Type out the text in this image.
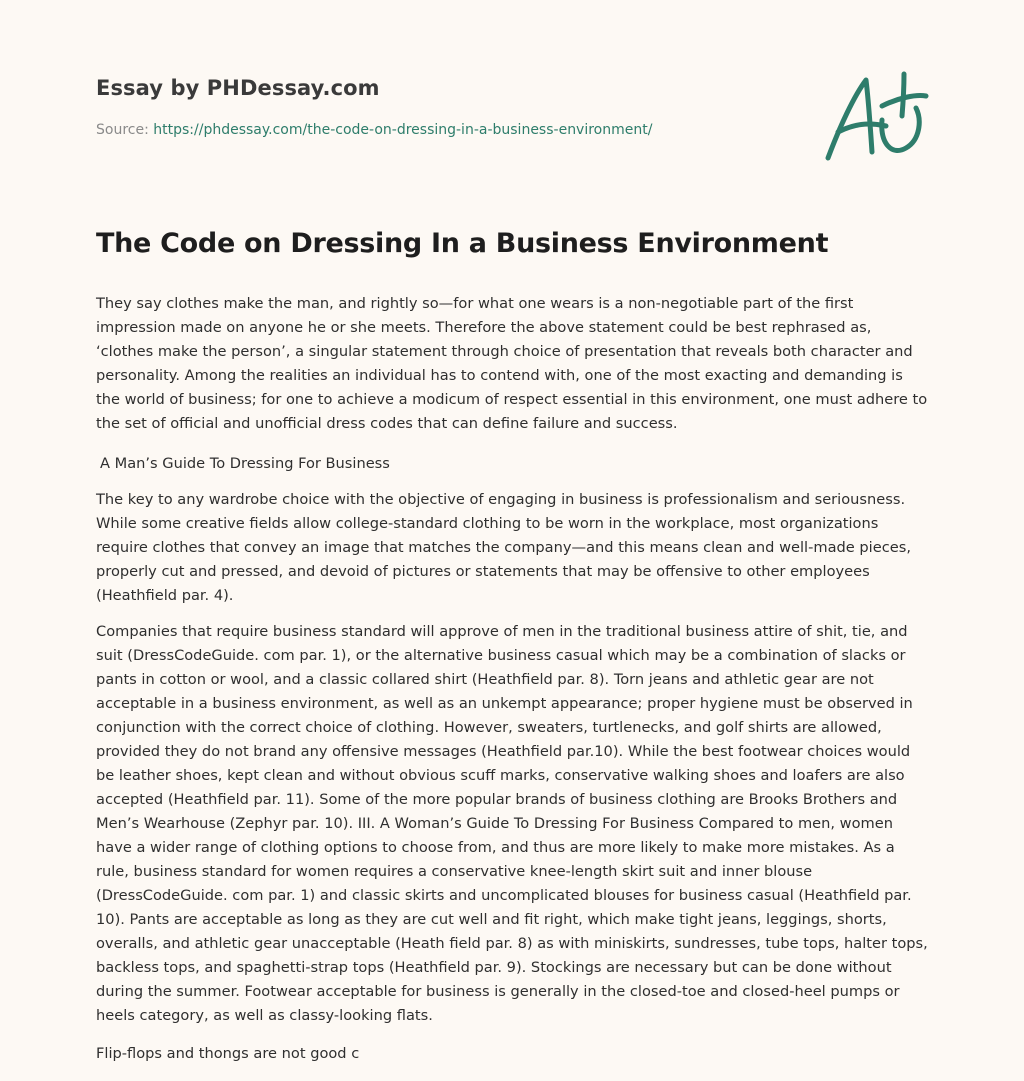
Essay by PHDessay.com
Source: https://phdessay.com/the-code-on-dressing-in-a-business-environment/
The Code on Dressing In a Business Environment

They say clothes make the man, and rightly so—for what one wears is a non-negotiable part of the first impression made on anyone he or she meets. Therefore the above statement could be best rephrased as, ‘clothes make the person’, a singular statement through choice of presentation that reveals both character and personality. Among the realities an individual has to contend with, one of the most exacting and demanding is the world of business; for one to achieve a modicum of respect essential in this environment, one must adhere to the set of official and unofficial dress codes that can define failure and success.

A Man’s Guide To Dressing For Business

The key to any wardrobe choice with the objective of engaging in business is professionalism and seriousness. While some creative fields allow college-standard clothing to be worn in the workplace, most organizations require clothes that convey an image that matches the company—and this means clean and well-made pieces, properly cut and pressed, and devoid of pictures or statements that may be offensive to other employees (Heathfield par. 4).

Companies that require business standard will approve of men in the traditional business attire of shit, tie, and suit (DressCodeGuide. com par. 1), or the alternative business casual which may be a combination of slacks or pants in cotton or wool, and a classic collared shirt (Heathfield par. 8). Torn jeans and athletic gear are not acceptable in a business environment, as well as an unkempt appearance; proper hygiene must be observed in conjunction with the correct choice of clothing. However, sweaters, turtlenecks, and golf shirts are allowed, provided they do not brand any offensive messages (Heathfield par.10). While the best footwear choices would be leather shoes, kept clean and without obvious scuff marks, conservative walking shoes and loafers are also accepted (Heathfield par. 11). Some of the more popular brands of business clothing are Brooks Brothers and Men’s Wearhouse (Zephyr par. 10). III. A Woman’s Guide To Dressing For Business Compared to men, women have a wider range of clothing options to choose from, and thus are more likely to make more mistakes. As a rule, business standard for women requires a conservative knee-length skirt suit and inner blouse (DressCodeGuide. com par. 1) and classic skirts and uncomplicated blouses for business casual (Heathfield par. 10). Pants are acceptable as long as they are cut well and fit right, which make tight jeans, leggings, shorts, overalls, and athletic gear unacceptable (Heath field par. 8) as with miniskirts, sundresses, tube tops, halter tops, backless tops, and spaghetti-strap tops (Heathfield par. 9). Stockings are necessary but can be done without during the summer. Footwear acceptable for business is generally in the closed-toe and closed-heel pumps or heels category, as well as classy-looking flats.

Flip-flops and thongs are not good c
